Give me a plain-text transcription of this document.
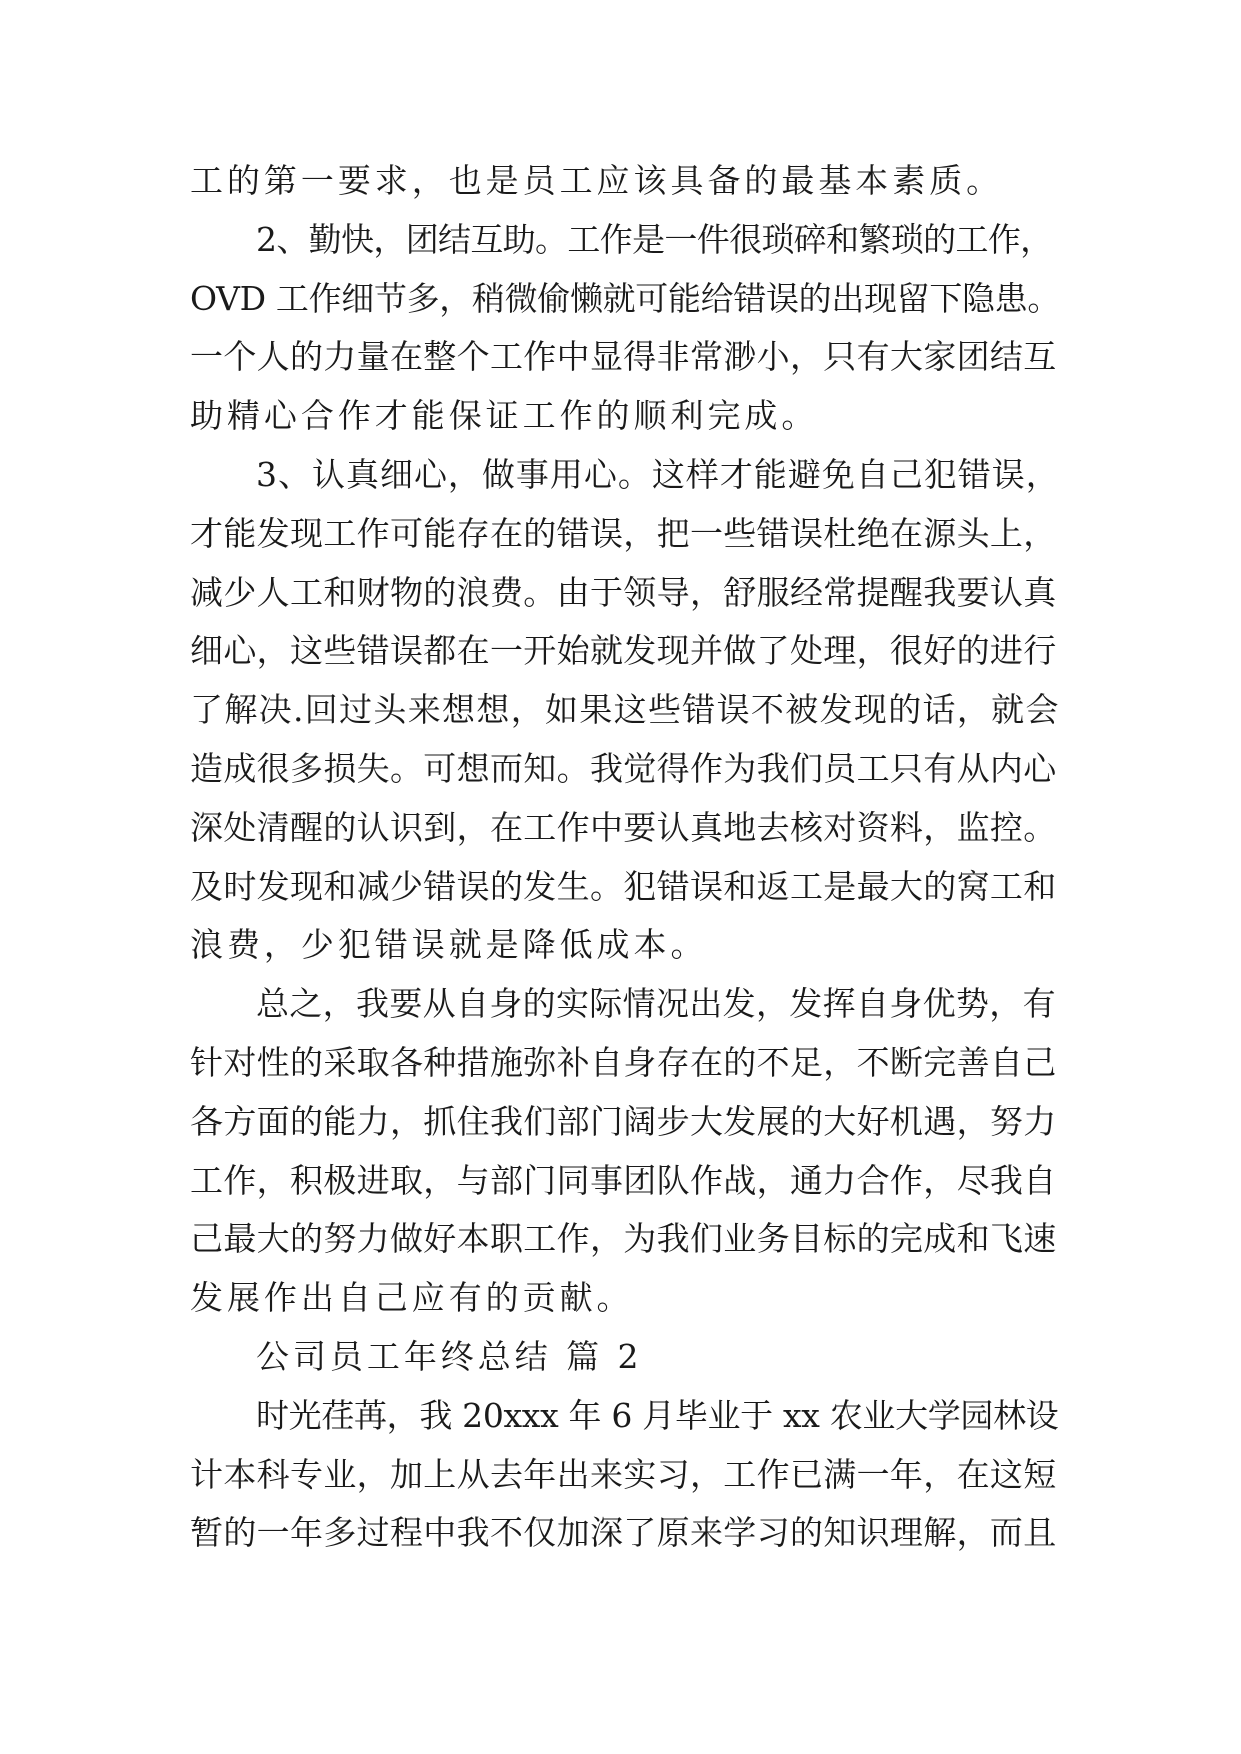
工的第一要求，也是员工应该具备的最基本素质。
2、勤快，团结互助。工作是一件很琐碎和繁琐的工作，
OVD 工作细节多，稍微偷懒就可能给错误的出现留下隐患。
一个人的力量在整个工作中显得非常渺小，只有大家团结互
助精心合作才能保证工作的顺利完成。
3、认真细心，做事用心。这样才能避免自己犯错误，
才能发现工作可能存在的错误，把一些错误杜绝在源头上，
减少人工和财物的浪费。由于领导，舒服经常提醒我要认真
细心，这些错误都在一开始就发现并做了处理，很好的进行
了解决.回过头来想想，如果这些错误不被发现的话，就会
造成很多损失。可想而知。我觉得作为我们员工只有从内心
深处清醒的认识到，在工作中要认真地去核对资料，监控。
及时发现和减少错误的发生。犯错误和返工是最大的窝工和
浪费，少犯错误就是降低成本。
总之，我要从自身的实际情况出发，发挥自身优势，有
针对性的采取各种措施弥补自身存在的不足，不断完善自己
各方面的能力，抓住我们部门阔步大发展的大好机遇，努力
工作，积极进取，与部门同事团队作战，通力合作，尽我自
己最大的努力做好本职工作，为我们业务目标的完成和飞速
发展作出自己应有的贡献。
公司员工年终总结 篇 2
时光荏苒，我 20xxx 年 6 月毕业于 xx 农业大学园林设
计本科专业，加上从去年出来实习，工作已满一年，在这短
暂的一年多过程中我不仅加深了原来学习的知识理解，而且
